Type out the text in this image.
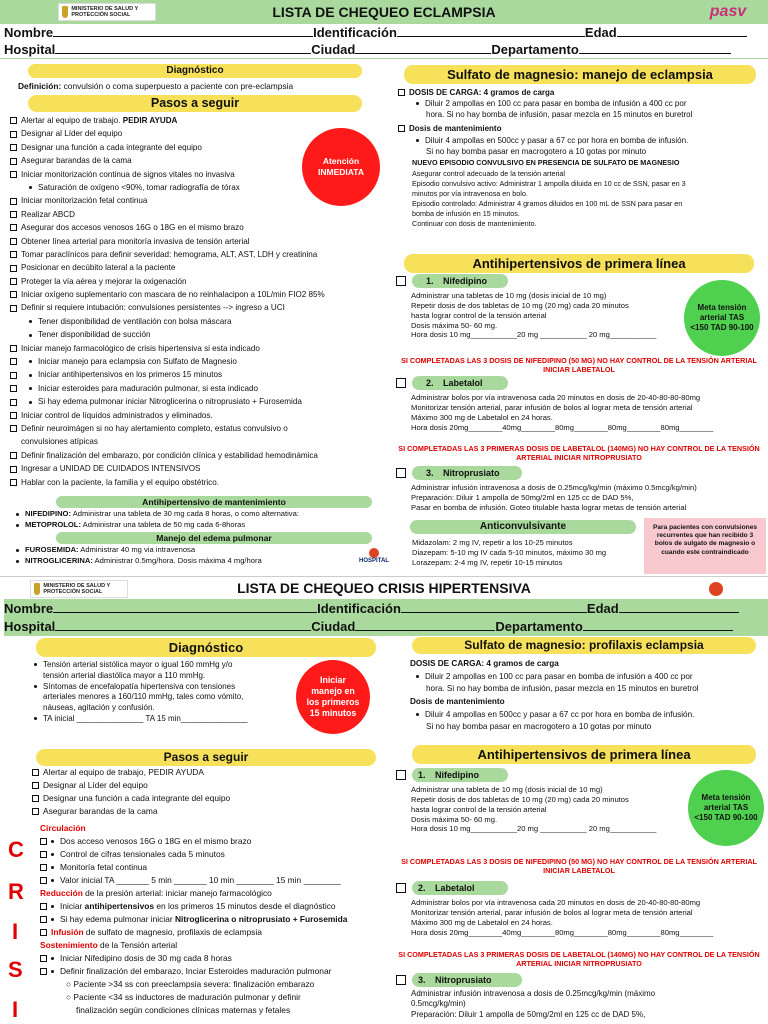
LISTA DE CHEQUEO ECLAMPSIA
MINISTERIO DE SALUD Y PROTECCIÓN SOCIAL	pasv
Nombre	Identificación	Edad
Hospital	Ciudad	Departamento
Diagnóstico
Definición: convulsión o coma superpuesto a paciente con pre-eclampsia
Pasos a seguir
Atención INMEDIATA
Alertar al equipo de trabajo. PEDIR AYUDA
Designar al Líder del equipo
Designar una función a cada integrante del equipo
Asegurar barandas de la cama
Iniciar monitorización continua de signos vitales no invasiva
Saturación de oxígeno <90%, tomar radiografía de tórax
Iniciar monitorización fetal continua
Realizar ABCD
Asegurar dos accesos venosos 16G o 18G en el mismo brazo
Obtener línea arterial para monitoría invasiva de tensión arterial
Tomar paraclínicos para definir severidad: hemograma, ALT, AST, LDH y creatinina
Posicionar en decúbito lateral a la paciente
Proteger la vía aérea y mejorar la oxigenación
Iniciar oxígeno suplementario con mascara de no reinhalacipon a 10L/min FIO2 85%
Definir si requiere intubación: convulsiones persistentes --> ingreso a UCI
Tener disponibilidad de ventilación con bolsa máscara
Tener disponibilidad de succión
Iniciar manejo farmacológico de crisis hipertensiva si esta indicado
Iniciar manejo para eclampsia con Sulfato de Magnesio
Iniciar antihipertensivos en los primeros 15 minutos
Iniciar esteroides para maduración pulmonar, si esta indicado
Si hay edema pulmonar iniciar Nitroglicerina o nitroprusiato + Furosemida
Iniciar control de líquidos administrados y eliminados.
Definir neuroimágen si no hay alertamiento completo, estatus convulsivo o
convulsiones atípicas
Definir finalización del embarazo, por condición clínica y estabilidad hemodinámica
Ingresar a UNIDAD DE CUIDADOS INTENSIVOS
Hablar con la paciente, la familia y el equipo obstétrico.
Antihipertensivo de mantenimiento
NIFEDIPINO: Administrar una tableta de 30 mg cada 8 horas, o como alternativa:
METOPROLOL: Administrar una tableta de 50 mg cada 6-8horas
Manejo del edema pulmonar
FUROSEMIDA: Administrar 40 mg via intravenosa
NITROGLICERINA: Administrar 0.5mg/hora. Dosis máxima 4 mg/hora	HOSPITAL
Sulfato de magnesio: manejo de eclampsia
DOSIS DE CARGA: 4 gramos de carga
Diluir 2 ampollas en 100 cc para pasar en bomba de infusión a 400 cc por
hora. Si no hay bomba de infusión, pasar mezcla en 15 minutos en buretrol
Dosis de mantenimiento
Diluir 4 ampollas en 500cc y pasar a 67 cc por hora en bomba de infusión.
Si no hay bomba pasar en macrogotero a 10 gotas por minuto
NUEVO EPISODIO CONVULSIVO EN PRESENCIA DE SULFATO DE MAGNESIO
Asegurar control adecuado de la tensión arterial
Episodio convulsivo activo: Administrar 1 ampolla diluida en 10 cc de SSN, pasar en 3
minutos por vía intravenosa en bolo.
Episodio controlado: Administrar 4 gramos diluidos en 100 mL de SSN para pasar en
bomba de infusión en 15 minutos.
Continuar con dosis de mantenimiento.
Antihipertensivos de primera línea
Meta tensión arterial TAS <150 TAD 90-100
1. Nifedipino
Administrar una tabletas de 10 mg (dosis inicial de 10 mg)
Repetir dosis de dos tabletas de 10 mg (20 mg) cada 20 minutos
hasta lograr control de la tensión arterial
Dosis máxima 50- 60 mg.
Hora dosis 10 mg___________20 mg ___________ 20 mg___________
SI COMPLETADAS LAS 3 DOSIS DE NIFEDIPINO (50 MG) NO HAY CONTROL DE LA TENSIÓN ARTERIAL INICIAR LABETALOL
2. Labetalol
Administrar bolos por vía intravenosa cada 20 minutos en dosis de 20-40-80-80-80mg
Monitorizar tensión arterial, parar infusión de bolos al lograr meta de tensión arterial
Máximo 300 mg de Labetalol en 24 horas.
Hora dosis 20mg________40mg________80mg________80mg________80mg________
SI COMPLETADAS LAS 3 PRIMERAS DOSIS DE LABETALOL (140MG) NO HAY CONTROL DE LA TENSIÓN ARTERIAL INICIAR NITROPRUSIATO
3. Nitroprusiato
Administrar infusión intravenosa a dosis de 0.25mcg/kg/min (máximo 0.5mcg/kg/min)
Preparación: Diluir 1 ampolla de 50mg/2ml en 125 cc de DAD 5%,
Pasar en bomba de infusión. Goteo titulable hasta lograr metas de tensión arterial
Anticonvulsivante
Midazolam: 2 mg IV, repetir a los 10-25 minutos
Diazepam: 5-10 mg IV cada 5-10 minutos, máximo 30 mg
Lorazepam: 2-4 mg IV, repetir 10-15 minutos
Para pacientes con convulsiones recurrentes que han recibido 3 bolos de sulgato de magnesio o cuando este contraindicado
LISTA DE CHEQUEO CRISIS HIPERTENSIVA
MINISTERIO DE SALUD Y PROTECCIÓN SOCIAL
Nombre	Identificación	Edad
Hospital	Ciudad	Departamento
Diagnóstico
Tensión arterial sistólica mayor o igual 160 mmHg y/o
tensión arterial diastólica mayor a 110 mmHg.
Síntomas de encefalopatía hipertensiva con tensiones
arteriales menores a 160/110 mmHg, tales como vómito,
náuseas, agitación y confusión.
TA inicial _______________ TA 15 min_______________
Iniciar manejo en los primeros 15 minutos
Pasos a seguir
Alertar al equipo de trabajo, PEDIR AYUDA
Designar al Líder del equipo
Designar una función a cada integrante del equipo
Asegurar barandas de la cama
C
R
I
S
I
Circulación
Dos acceso venosos 16G o 18G en el mismo brazo
Control de cifras tensionales cada 5 minutos
Monitoría fetal continua
Valor inicial TA _______ 5 min _______ 10 min ________ 15 min ________
Reducción de la presión arterial: iniciar manejo farmacológico
Iniciar antihipertensivos en los primeros 15 minutos desde el diagnóstico
Si hay edema pulmonar iniciar Nitroglicerina o nitroprusiato + Furosemida
Infusión de sulfato de magnesio, profilaxis de eclampsia
Sostenimiento de la Tensión arterial
Iniciar Nifedipino dosis de 30 mg cada 8 horas
Definir finalización del embarazo, Inciar Esteroides maduración pulmonar
○ Paciente >34 ss con preeclampsia severa: finalización embarazo
○ Paciente <34 ss inductores de maduración pulmonar y definir
finalización según condiciones clínicas maternas y fetales
Sulfato de magnesio: profilaxis eclampsia
DOSIS DE CARGA: 4 gramos de carga
Diluir 2 ampollas en 100 cc para pasar en bomba de infusión a 400 cc por
hora. Si no hay bomba de infusión, pasar mezcla en 15 minutos en buretrol
Dosis de mantenimiento
Diluir 4 ampollas en 500cc y pasar a 67 cc por hora en bomba de infusión.
Si no hay bomba pasar en macrogotero a 10 gotas por minuto
Antihipertensivos de primera línea
Meta tensión arterial TAS <150 TAD 90-100
1. Nifedipino
Administrar una tableta de 10 mg (dosis inicial de 10 mg)
Repetir dosis de dos tabletas de 10 mg (20 mg) cada 20 minutos
hasta lograr control de la tensión arterial
Dosis máxima 50- 60 mg.
Hora dosis 10 mg___________20 mg ___________ 20 mg___________
SI COMPLETADAS LAS 3 DOSIS DE NIFEDIPINO (50 MG) NO HAY CONTROL DE LA TENSIÓN ARTERIAL INICIAR LABETALOL
2. Labetalol
Administrar bolos por vía intravenosa cada 20 minutos en dosis de 20-40-80-80-80mg
Monitorizar tensión arterial, parar infusión de bolos al lograr meta de tensión arterial
Máximo 300 mg de Labetalol en 24 horas.
Hora dosis 20mg________40mg________80mg________80mg________80mg________
SI COMPLETADAS LAS 3 PRIMERAS DOSIS DE LABETALOL (140MG) NO HAY CONTROL DE LA TENSIÓN ARTERIAL INICIAR NITROPRUSIATO
3. Nitroprusiato
Administrar infusión intravenosa a dosis de 0.25mcg/kg/min (máximo
0.5mcg/kg/min)
Preparación: Diluir 1 ampolla de 50mg/2ml en 125 cc de DAD 5%,
